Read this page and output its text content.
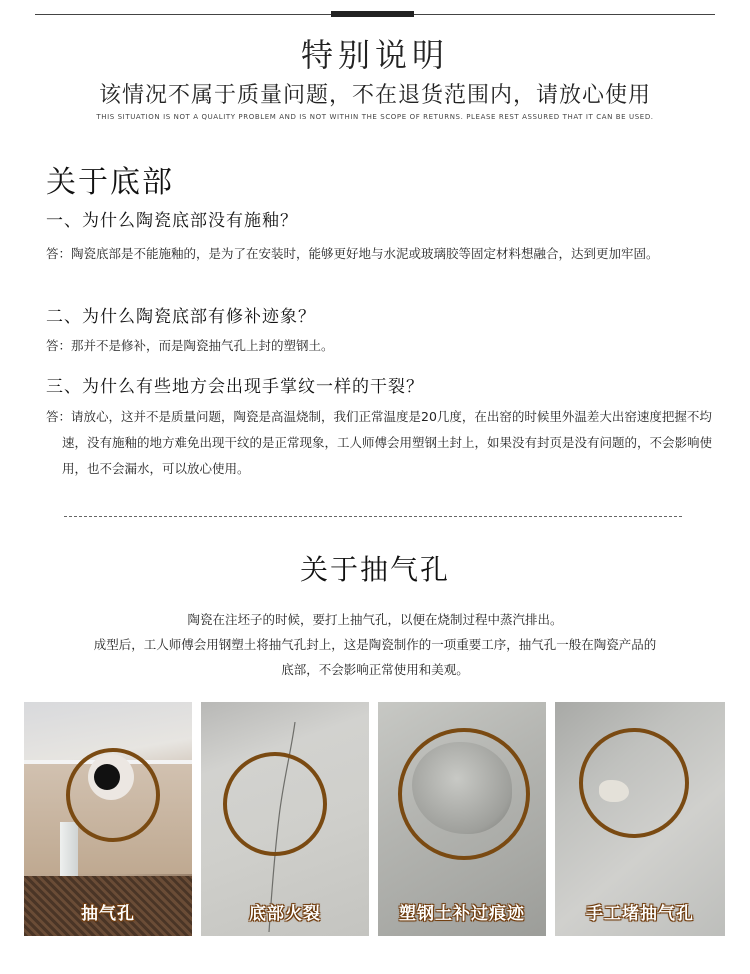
特别说明
该情况不属于质量问题，不在退货范围内，请放心使用
THIS SITUATION IS NOT A QUALITY PROBLEM AND IS NOT WITHIN THE SCOPE OF RETURNS. PLEASE REST ASSURED THAT IT CAN BE USED.
关于底部
一、为什么陶瓷底部没有施釉？
答：陶瓷底部是不能施釉的，是为了在安装时，能够更好地与水泥或玻璃胶等固定材料想融合，达到更加牢固。
二、为什么陶瓷底部有修补迹象？
答：那并不是修补，而是陶瓷抽气孔上封的塑钢土。
三、为什么有些地方会出现手掌纹一样的干裂？
答：请放心，这并不是质量问题，陶瓷是高温烧制，我们正常温度是20几度，在出窑的时候里外温差大出窑速度把握不均速，没有施釉的地方难免出现干纹的是正常现象，工人师傅会用塑钢土封上，如果没有封页是没有问题的，不会影响使用，也不会漏水，可以放心使用。
关于抽气孔
陶瓷在注坯子的时候，要打上抽气孔，以便在烧制过程中蒸汽排出。
成型后，工人师傅会用钢塑土将抽气孔封上，这是陶瓷制作的一项重要工序，抽气孔一般在陶瓷产品的
底部，不会影响正常使用和美观。
抽气孔	底部火裂	塑钢土补过痕迹	手工堵抽气孔
